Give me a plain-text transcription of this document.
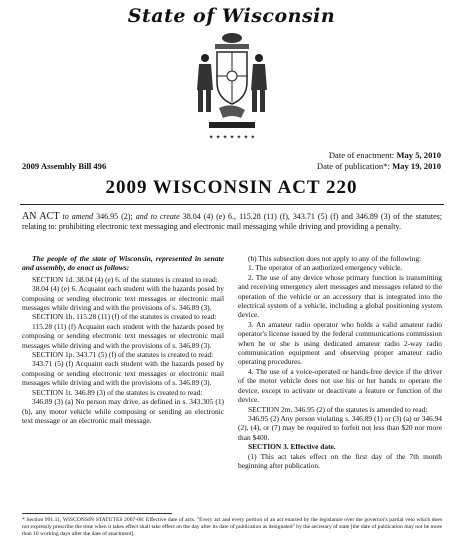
State of Wisconsin
✦ ✦ ✦ ✦ ✦ ✦ ✦
Date of enactment: May 5, 2010
Date of publication*: May 19, 2010
2009 Assembly Bill 496
2009 WISCONSIN ACT 220
AN ACT to amend 346.95 (2); and to create 38.04 (4) (e) 6., 115.28 (11) (f), 343.71 (5) (f) and 346.89 (3) of the statutes; relating to: prohibiting electronic text messaging and electronic mail messaging while driving and providing a penalty.

The people of the state of Wisconsin, represented in senate and assembly, do enact as follows:

SECTION 1d. 38.04 (4) (e) 6. of the statutes is created to read:

38.04 (4) (e) 6. Acquaint each student with the hazards posed by composing or sending electronic text messages or electronic mail messages while driving and with the provisions of s. 346.89 (3).

SECTION 1h. 115.28 (11) (f) of the statutes is created to read:

115.28 (11) (f) Acquaint each student with the hazards posed by composing or sending electronic text messages or electronic mail messages while driving and with the provisions of s. 346.89 (3).

SECTION 1p. 343.71 (5) (f) of the statutes is created to read:

343.71 (5) (f) Acquaint each student with the hazards posed by composing or sending electronic text messages or electronic mail messages while driving and with the provisions of s. 346.89 (3).

SECTION 1t. 346.89 (3) of the statutes is created to read:

346.89 (3) (a) No person may drive, as defined in s. 343.305 (1) (b), any motor vehicle while composing or sending an electronic text message or an electronic mail message.

(b) This subsection does not apply to any of the following:

1. The operator of an authorized emergency vehicle.

2. The use of any device whose primary function is transmitting and receiving emergency alert messages and messages related to the operation of the vehicle or an accessory that is integrated into the electrical system of a vehicle, including a global positioning system device.

3. An amateur radio operator who holds a valid amateur radio operator's license issued by the federal communications commission when he or she is using dedicated amateur radio 2-way radio communication equipment and observing proper amateur radio operating procedures.

4. The use of a voice-operated or hands-free device if the driver of the motor vehicle does not use his or her hands to operate the device, except to activate or deactivate a feature or function of the device.

SECTION 2m. 346.95 (2) of the statutes is amended to read:

346.95 (2) Any person violating s. 346.89 (1) or (3) (a) or 346.94 (2), (4), or (7) may be required to forfeit not less than $20 nor more than $400.

SECTION 3. Effective date.

(1) This act takes effect on the first day of the 7th month beginning after publication.

* Section 991.11, WISCONSIN STATUTES 2007-08: Effective date of acts. "Every act and every portion of an act enacted by the legislature over the governor's partial veto which does not expressly prescribe the time when it takes effect shall take effect on the day after its date of publication as designated" by the secretary of state [the date of publication may not be more than 10 working days after the date of enactment].
